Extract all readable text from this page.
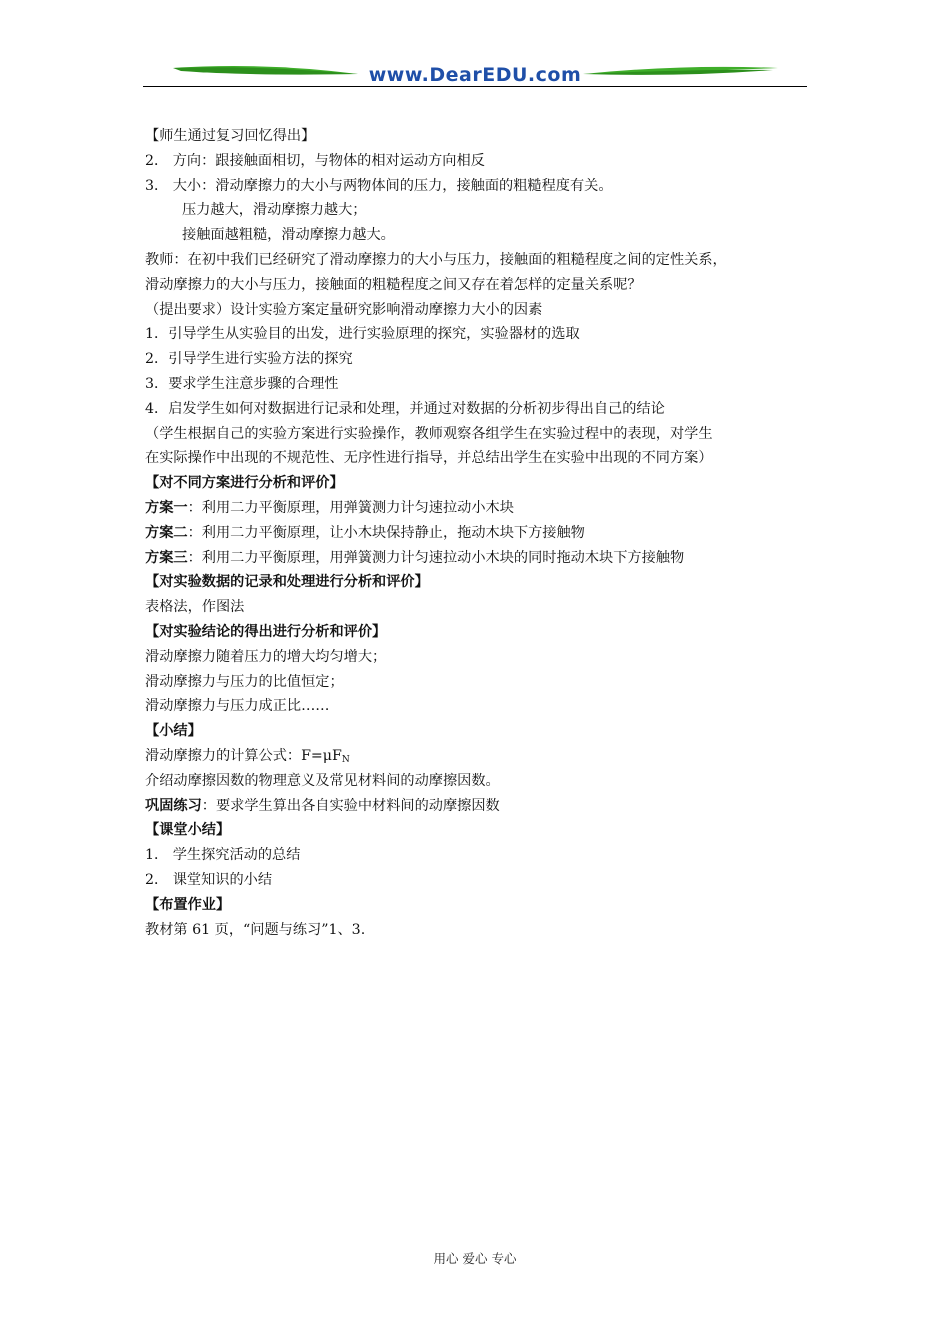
www.DearEDU.com
【师生通过复习回忆得出】
2． 方向：跟接触面相切，与物体的相对运动方向相反
3． 大小：滑动摩擦力的大小与两物体间的压力，接触面的粗糙程度有关。
压力越大，滑动摩擦力越大；
接触面越粗糙，滑动摩擦力越大。
教师：在初中我们已经研究了滑动摩擦力的大小与压力，接触面的粗糙程度之间的定性关系，
滑动摩擦力的大小与压力，接触面的粗糙程度之间又存在着怎样的定量关系呢？
（提出要求）设计实验方案定量研究影响滑动摩擦力大小的因素
1．引导学生从实验目的出发，进行实验原理的探究，实验器材的选取
2．引导学生进行实验方法的探究
3．要求学生注意步骤的合理性
4．启发学生如何对数据进行记录和处理，并通过对数据的分析初步得出自己的结论
（学生根据自己的实验方案进行实验操作，教师观察各组学生在实验过程中的表现，对学生
在实际操作中出现的不规范性、无序性进行指导，并总结出学生在实验中出现的不同方案）
【对不同方案进行分析和评价】
方案一：利用二力平衡原理，用弹簧测力计匀速拉动小木块
方案二：利用二力平衡原理，让小木块保持静止，拖动木块下方接触物
方案三：利用二力平衡原理，用弹簧测力计匀速拉动小木块的同时拖动木块下方接触物
【对实验数据的记录和处理进行分析和评价】
表格法，作图法
【对实验结论的得出进行分析和评价】
滑动摩擦力随着压力的增大均匀增大；
滑动摩擦力与压力的比值恒定；
滑动摩擦力与压力成正比……
【小结】
滑动摩擦力的计算公式：$F=\mu F_N$
介绍动摩擦因数的物理意义及常见材料间的动摩擦因数。
巩固练习：要求学生算出各自实验中材料间的动摩擦因数
【课堂小结】
1． 学生探究活动的总结
2． 课堂知识的小结
【布置作业】
教材第 61 页，“问题与练习”1、3.
用心 爱心 专心
